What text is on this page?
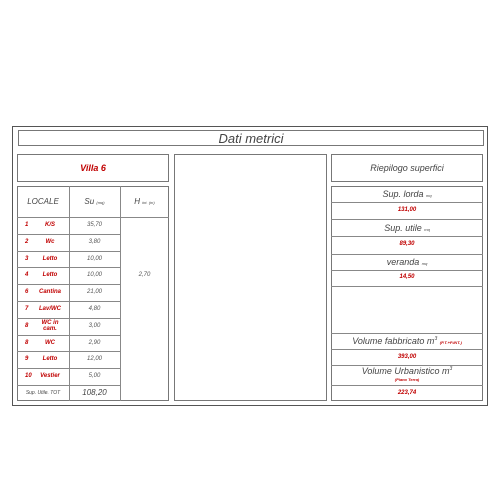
Dati metrici
Villa 6
LOCALE	Su (mq)	H int. (m)
1	K/S	35,70
2	Wc	3,80
3	Letto	10,00
4	Letto	10,00
6	Cantina	21,00
7	Lav/WC	4,80
8	WC in cam.	3,00
8	WC	2,90
9	Letto	12,00
10	Vestier	5,00
2,70
Sup. Utile. TOT	108,20
Riepilogo superfici
Sup. lorda mq
131,00
Sup. utile mq
89,30
veranda mq
14,50
Volume fabbricato $m^3$ (P.T.+P.INT.)
393,00
Volume Urbanistico $m^3$
(Piano Terra)
223,74
